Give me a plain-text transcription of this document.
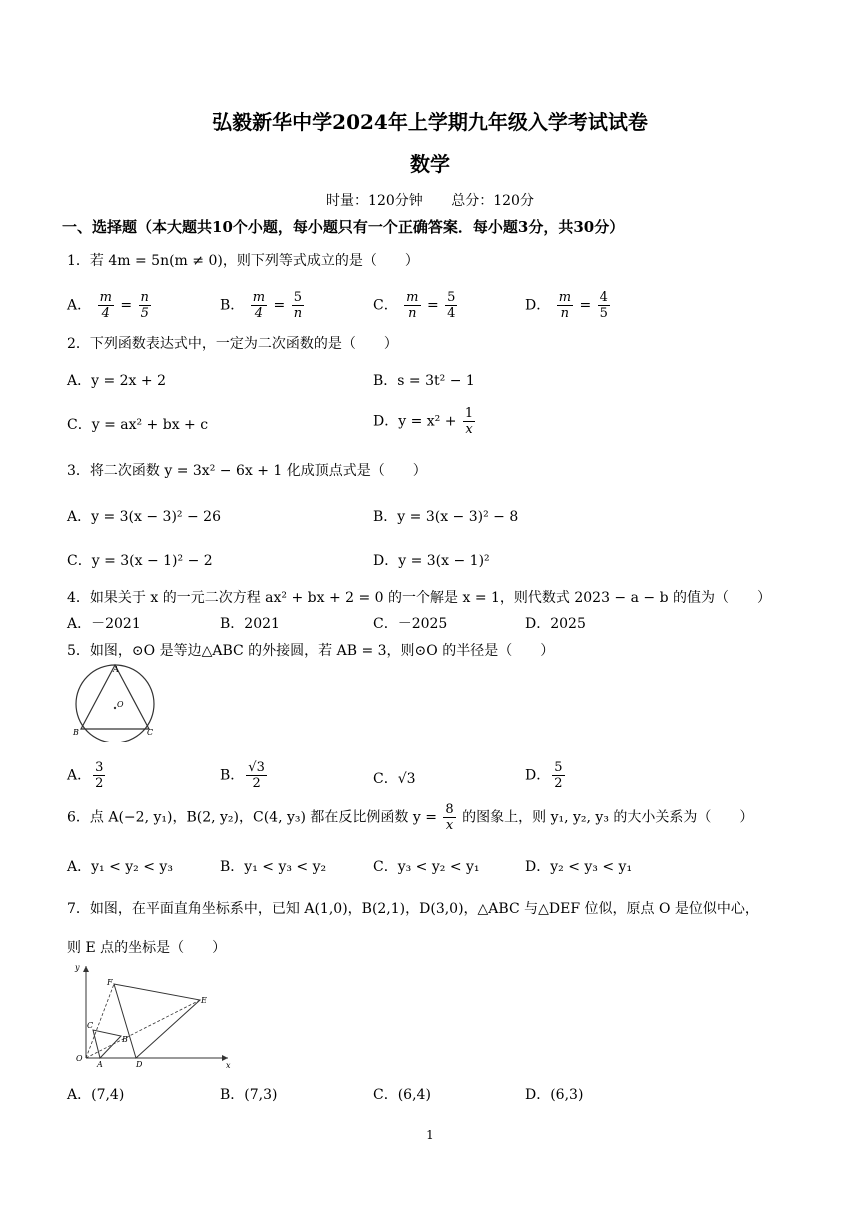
弘毅新华中学2024年上学期九年级入学考试试卷
数学
时量：120分钟 总分：120分
一、选择题（本大题共10个小题，每小题只有一个正确答案．每小题3分，共30分）
1．若 4m = 5n(m ≠ 0)，则下列等式成立的是（　　）
A． $\frac{m}{4} = \frac{n}{5}$	B． $\frac{m}{4} = \frac{5}{n}$	C． $\frac{m}{n} = \frac{5}{4}$	D． $\frac{m}{n} = \frac{4}{5}$
2．下列函数表达式中，一定为二次函数的是（　　）
A．y = 2x + 2	B．s = 3t² − 1
C．y = ax² + bx + c	D．$y = x^2 + \frac{1}{x}$
3．将二次函数 y = 3x² − 6x + 1 化成顶点式是（　　）
A．y = 3(x − 3)² − 26	B．y = 3(x − 3)² − 8
C．y = 3(x − 1)² − 2	D．y = 3(x − 1)²
4．如果关于 x 的一元二次方程 ax² + bx + 2 = 0 的一个解是 x = 1，则代数式 2023 − a − b 的值为（　　）
A．－2021	B．2021	C．－2025	D．2025
5．如图，⊙O 是等边△ABC 的外接圆，若 AB = 3，则⊙O 的半径是（　　）
A
B	C
O
A． $\frac{3}{2}$	B． $\frac{√3}{2}$	C．√3	D． $\frac{5}{2}$
6．点 A(−2, y₁)，B(2, y₂)，C(4, y₃) 都在反比例函数 $y = \frac{8}{x}$ 的图象上，则 y₁, y₂, y₃ 的大小关系为（　　）
A．y₁ < y₂ < y₃	B．y₁ < y₃ < y₂	C．y₃ < y₂ < y₁	D．y₂ < y₃ < y₁
7．如图，在平面直角坐标系中，已知 A(1,0)，B(2,1)，D(3,0)，△ABC 与△DEF 位似，原点 O 是位似中心，
则 E 点的坐标是（　　）
x
y
O
A
B
C
D
E
F
A．(7,4)	B．(7,3)	C．(6,4)	D．(6,3)
1
